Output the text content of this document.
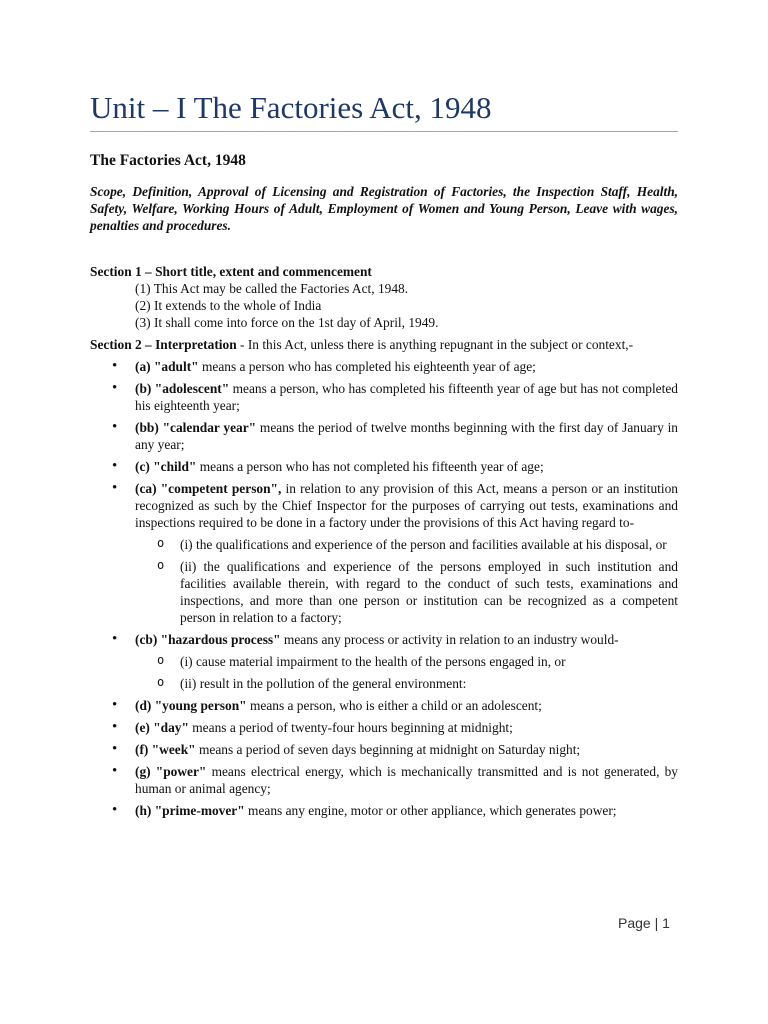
Unit – I The Factories Act, 1948
The Factories Act, 1948
Scope, Definition, Approval of Licensing and Registration of Factories, the Inspection Staff, Health, Safety, Welfare, Working Hours of Adult, Employment of Women and Young Person, Leave with wages, penalties and procedures.
Section 1 – Short title, extent and commencement
(1) This Act may be called the Factories Act, 1948.
(2) It extends to the whole of India
(3) It shall come into force on the 1st day of April, 1949.
Section 2 – Interpretation - In this Act, unless there is anything repugnant in the subject or context,-
• (a) "adult" means a person who has completed his eighteenth year of age;
• (b) "adolescent" means a person, who has completed his fifteenth year of age but has not completed his eighteenth year;
• (bb) "calendar year" means the period of twelve months beginning with the first day of January in any year;
• (c) "child" means a person who has not completed his fifteenth year of age;
• (ca) "competent person", in relation to any provision of this Act, means a person or an institution recognized as such by the Chief Inspector for the purposes of carrying out tests, examinations and inspections required to be done in a factory under the provisions of this Act having regard to-
o (i) the qualifications and experience of the person and facilities available at his disposal, or
o (ii) the qualifications and experience of the persons employed in such institution and facilities available therein, with regard to the conduct of such tests, examinations and inspections, and more than one person or institution can be recognized as a competent person in relation to a factory;
• (cb) "hazardous process" means any process or activity in relation to an industry would-
o (i) cause material impairment to the health of the persons engaged in, or
o (ii) result in the pollution of the general environment:
• (d) "young person" means a person, who is either a child or an adolescent;
• (e) "day" means a period of twenty-four hours beginning at midnight;
• (f) "week" means a period of seven days beginning at midnight on Saturday night;
• (g) "power" means electrical energy, which is mechanically transmitted and is not generated, by human or animal agency;
• (h) "prime-mover" means any engine, motor or other appliance, which generates power;
Page | 1
